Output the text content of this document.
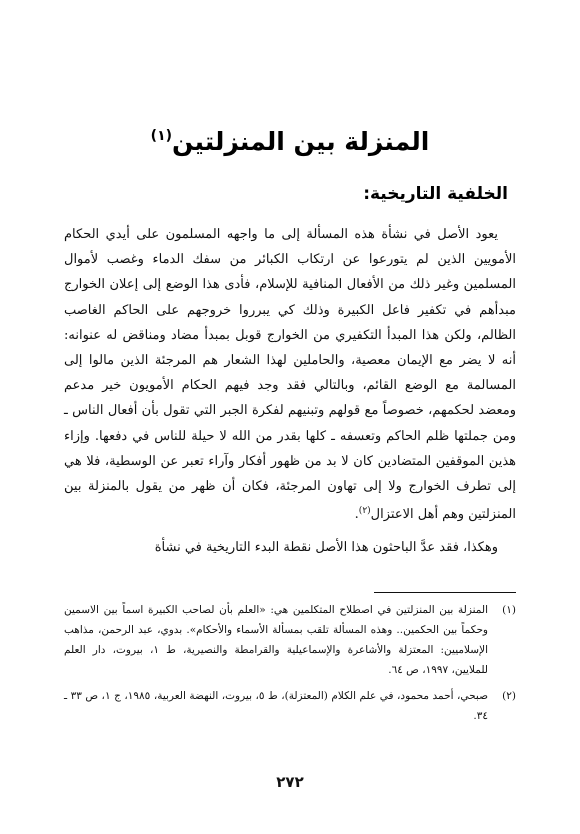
المنزلة بين المنزلتين$^{(١)}$
الخلفية التاريخية:

يعود الأصل في نشأة هذه المسألة إلى ما واجهه المسلمون على أيدي الحكام الأمويين الذين لم يتورعوا عن ارتكاب الكبائر من سفك الدماء وغصب لأموال المسلمين وغير ذلك من الأفعال المنافية للإسلام، فأدى هذا الوضع إلى إعلان الخوارج مبدأهم في تكفير فاعل الكبيرة وذلك كي يبرروا خروجهم على الحاكم الغاصب الظالم، ولكن هذا المبدأ التكفيري من الخوارج قوبل بمبدأ مضاد ومناقض له عنوانه: أنه لا يضر مع الإيمان معصية، والحاملين لهذا الشعار هم المرجئة الذين مالوا إلى المسالمة مع الوضع القائم، وبالتالي فقد وجد فيهم الحكام الأمويون خير مدعم ومعضد لحكمهم، خصوصاً مع قولهم وتبنيهم لفكرة الجبر التي تقول بأن أفعال الناس ـ ومن جملتها ظلم الحاكم وتعسفه ـ كلها بقدر من الله لا حيلة للناس في دفعها. وإزاء هذين الموقفين المتضادين كان لا بد من ظهور أفكار وآراء تعبر عن الوسطية، فلا هي إلى تطرف الخوارج ولا إلى تهاون المرجئة، فكان أن ظهر من يقول بالمنزلة بين المنزلتين وهم أهل الاعتزال$^{(٢)}$.

وهكذا، فقد عدَّ الباحثون هذا الأصل نقطة البدء التاريخية في نشأة

(١)
المنزلة بين المنزلتين في اصطلاح المتكلمين هي: «العلم بأن لصاحب الكبيرة اسماً بين الاسمين وحكماً بين الحكمين.. وهذه المسألة تلقب بمسألة الأسماء والأحكام». بدوي، عبد الرحمن، مذاهب الإسلاميين: المعتزلة والأشاعرة والإسماعيلية والقرامطة والنصيرية، ط ١، بيروت، دار العلم للملايين، ١٩٩٧، ص ٦٤.
(٢)
صبحي، أحمد محمود، في علم الكلام (المعتزلة)، ط ٥، بيروت، النهضة العربية، ١٩٨٥، ج ١، ص ٣٣ ـ ٣٤.
٢٧٢
